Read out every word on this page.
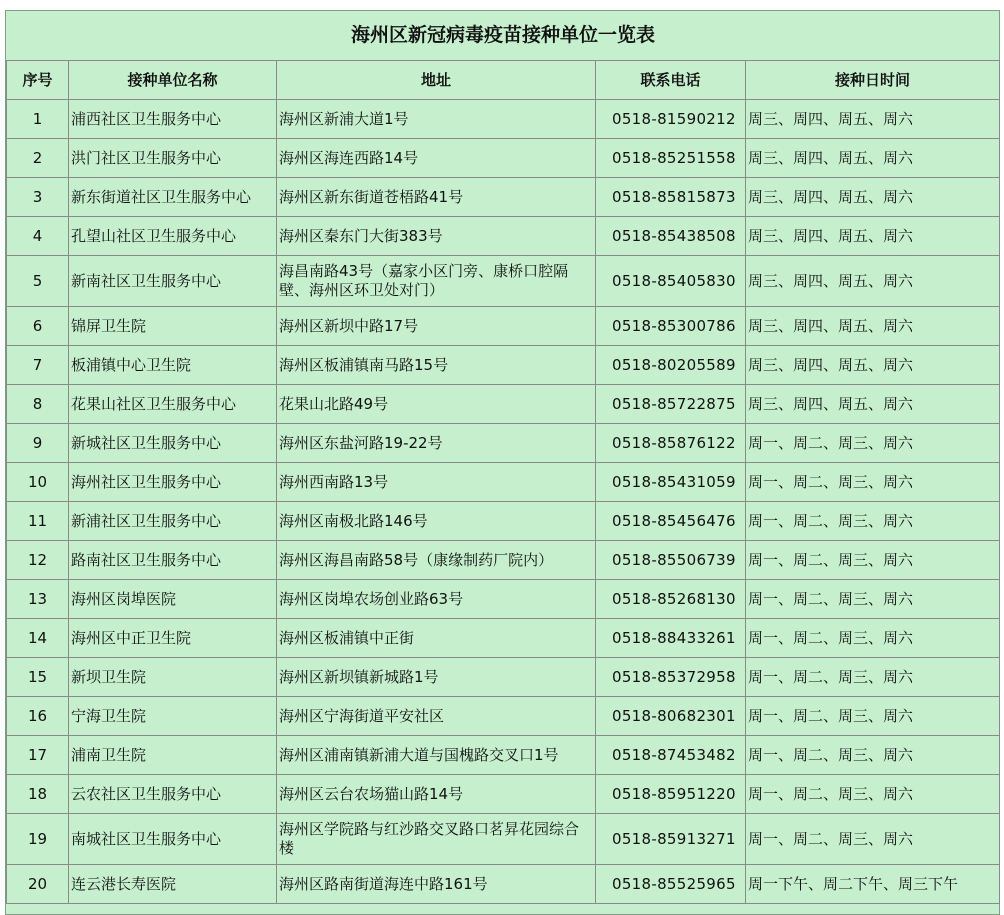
海州区新冠病毒疫苗接种单位一览表				
序号	接种单位名称	地址	联系电话	接种日时间
1	浦西社区卫生服务中心	海州区新浦大道1号	0518-81590212	周三、周四、周五、周六
2	洪门社区卫生服务中心	海州区海连西路14号	0518-85251558	周三、周四、周五、周六
3	新东街道社区卫生服务中心	海州区新东街道苍梧路41号	0518-85815873	周三、周四、周五、周六
4	孔望山社区卫生服务中心	海州区秦东门大街383号	0518-85438508	周三、周四、周五、周六
5	新南社区卫生服务中心	海昌南路43号（嘉家小区门旁、康桥口腔隔壁、海州区环卫处对门）	0518-85405830	周三、周四、周五、周六
6	锦屏卫生院	海州区新坝中路17号	0518-85300786	周三、周四、周五、周六
7	板浦镇中心卫生院	海州区板浦镇南马路15号	0518-80205589	周三、周四、周五、周六
8	花果山社区卫生服务中心	花果山北路49号	0518-85722875	周三、周四、周五、周六
9	新城社区卫生服务中心	海州区东盐河路19-22号	0518-85876122	周一、周二、周三、周六
10	海州社区卫生服务中心	海州西南路13号	0518-85431059	周一、周二、周三、周六
11	新浦社区卫生服务中心	海州区南极北路146号	0518-85456476	周一、周二、周三、周六
12	路南社区卫生服务中心	海州区海昌南路58号（康缘制药厂院内）	0518-85506739	周一、周二、周三、周六
13	海州区岗埠医院	海州区岗埠农场创业路63号	0518-85268130	周一、周二、周三、周六
14	海州区中正卫生院	海州区板浦镇中正街	0518-88433261	周一、周二、周三、周六
15	新坝卫生院	海州区新坝镇新城路1号	0518-85372958	周一、周二、周三、周六
16	宁海卫生院	海州区宁海街道平安社区	0518-80682301	周一、周二、周三、周六
17	浦南卫生院	海州区浦南镇新浦大道与国槐路交叉口1号	0518-87453482	周一、周二、周三、周六
18	云农社区卫生服务中心	海州区云台农场猫山路14号	0518-85951220	周一、周二、周三、周六
19	南城社区卫生服务中心	海州区学院路与红沙路交叉路口茗昇花园综合楼	0518-85913271	周一、周二、周三、周六
20	连云港长寿医院	海州区路南街道海连中路161号	0518-85525965	周一下午、周二下午、周三下午
